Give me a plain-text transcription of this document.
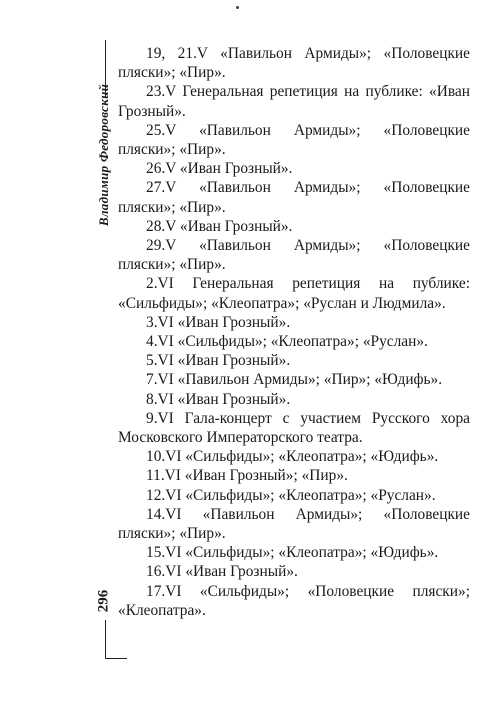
Владимир Федоровский
296

19, 21.V «Павильон Армиды»; «Половецкие пляски»; «Пир».

23.V Генеральная репетиция на публике: «Иван Грозный».

25.V «Павильон Армиды»; «Половецкие пляски»; «Пир».

26.V «Иван Грозный».

27.V «Павильон Армиды»; «Половецкие пляски»; «Пир».

28.V «Иван Грозный».

29.V «Павильон Армиды»; «Половецкие пляски»; «Пир».

2.VI Генеральная репетиция на публике: «Сильфиды»; «Клеопатра»; «Руслан и Людмила».

3.VI «Иван Грозный».

4.VI «Сильфиды»; «Клеопатра»; «Руслан».

5.VI «Иван Грозный».

7.VI «Павильон Армиды»; «Пир»; «Юдифь».

8.VI «Иван Грозный».

9.VI Гала-концерт с участием Русского хора Московского Императорского театра.

10.VI «Сильфиды»; «Клеопатра»; «Юдифь».

11.VI «Иван Грозный»; «Пир».

12.VI «Сильфиды»; «Клеопатра»; «Руслан».

14.VI «Павильон Армиды»; «Половецкие пляски»; «Пир».

15.VI «Сильфиды»; «Клеопатра»; «Юдифь».

16.VI «Иван Грозный».

17.VI «Сильфиды»; «Половецкие пляски»; «Клеопатра».
